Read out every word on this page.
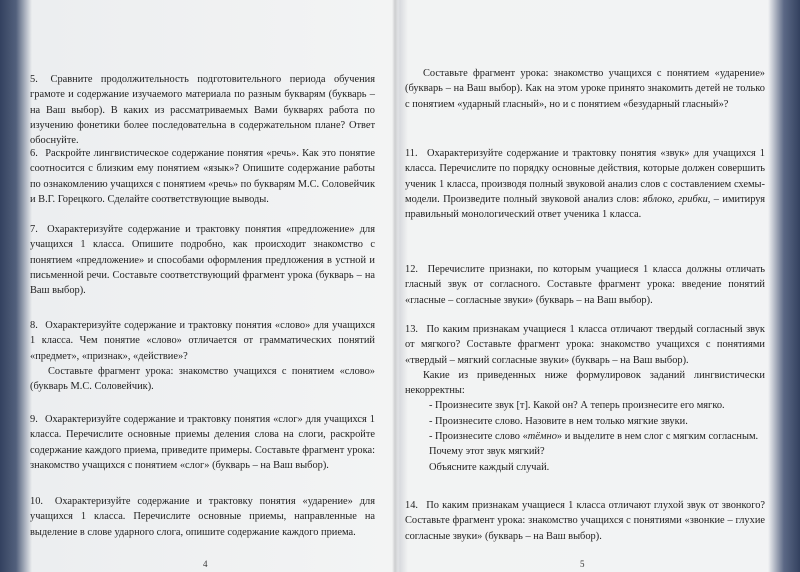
5. Сравните продолжительность подготовительного периода обучения грамоте и содержание изучаемого материала по разным букварям (букварь – на Ваш выбор). В каких из рассматриваемых Вами букварях работа по изучению фонетики более последовательна в содержательном плане? Ответ обоснуйте.

6. Раскройте лингвистическое содержание понятия «речь». Как это понятие соотносится с близким ему понятием «язык»? Опишите содержание работы по ознакомлению учащихся с понятием «речь» по букварям М.С. Соловейчик и В.Г. Горецкого. Сделайте соответствующие выводы.

7. Охарактеризуйте содержание и трактовку понятия «предложение» для учащихся 1 класса. Опишите подробно, как происходит знакомство с понятием «предложение» и способами оформления предложения в устной и письменной речи. Составьте соответствующий фрагмент урока (букварь – на Ваш выбор).

8. Охарактеризуйте содержание и трактовку понятия «слово» для учащихся 1 класса. Чем понятие «слово» отличается от грамматических понятий «предмет», «признак», «действие»?

Составьте фрагмент урока: знакомство учащихся с понятием «слово» (букварь М.С. Соловейчик).

9. Охарактеризуйте содержание и трактовку понятия «слог» для учащихся 1 класса. Перечислите основные приемы деления слова на слоги, раскройте содержание каждого приема, приведите примеры. Составьте фрагмент урока: знакомство учащихся с понятием «слог» (букварь – на Ваш выбор).

10. Охарактеризуйте содержание и трактовку понятия «ударение» для учащихся 1 класса. Перечислите основные приемы, направленные на выделение в слове ударного слога, опишите содержание каждого приема.

4

Составьте фрагмент урока: знакомство учащихся с понятием «ударение» (букварь – на Ваш выбор). Как на этом уроке принято знакомить детей не только с понятием «ударный гласный», но и с понятием «безударный гласный»?

11. Охарактеризуйте содержание и трактовку понятия «звук» для учащихся 1 класса. Перечислите по порядку основные действия, которые должен совершить ученик 1 класса, производя полный звуковой анализ слов с составлением схемы-модели. Произведите полный звуковой анализ слов: яблоко, грибки, – имитируя правильный монологический ответ ученика 1 класса.

12. Перечислите признаки, по которым учащиеся 1 класса должны отличать гласный звук от согласного. Составьте фрагмент урока: введение понятий «гласные – согласные звуки» (букварь – на Ваш выбор).

13. По каким признакам учащиеся 1 класса отличают твердый согласный звук от мягкого? Составьте фрагмент урока: знакомство учащихся с понятиями «твердый – мягкий согласные звуки» (букварь – на Ваш выбор).

Какие из приведенных ниже формулировок заданий лингвистически некорректны:

- Произнесите звук [т]. Какой он? А теперь произнесите его мягко.

- Произнесите слово. Назовите в нем только мягкие звуки.

- Произнесите слово «тёмно» и выделите в нем слог с мягким согласным.

Почему этот звук мягкий?

Объясните каждый случай.

14. По каким признакам учащиеся 1 класса отличают глухой звук от звонкого? Составьте фрагмент урока: знакомство учащихся с понятиями «звонкие – глухие согласные звуки» (букварь – на Ваш выбор).

5
